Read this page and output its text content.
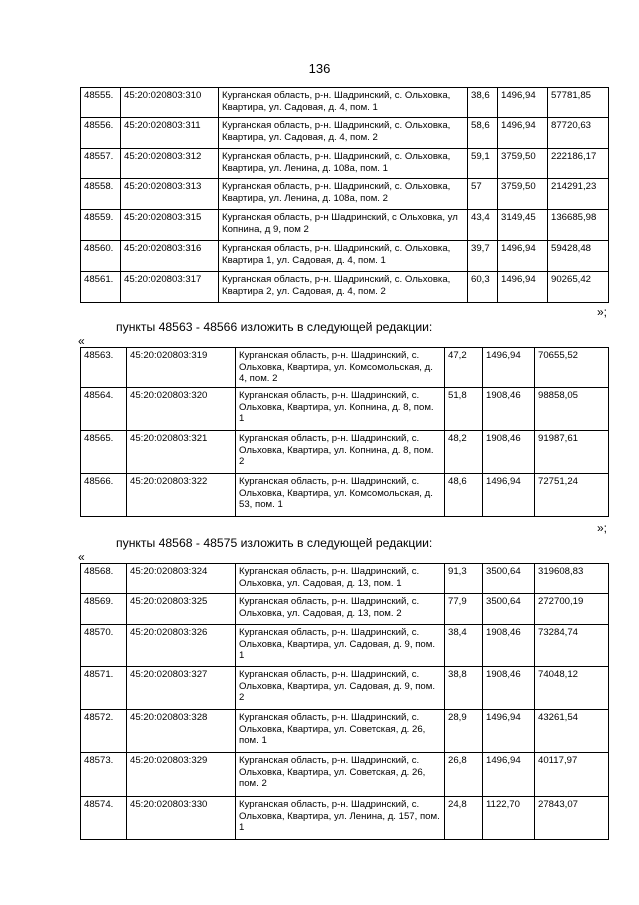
136
48555.	45:20:020803:310	Курганская область, р-н. Шадринский, с. Ольховка, Квартира, ул. Садовая, д. 4, пом. 1	38,6	1496,94	57781,85
48556.	45:20:020803:311	Курганская область, р-н. Шадринский, с. Ольховка, Квартира, ул. Садовая, д. 4, пом. 2	58,6	1496,94	87720,63
48557.	45:20:020803:312	Курганская область, р-н. Шадринский, с. Ольховка, Квартира, ул. Ленина, д. 108а, пом. 1	59,1	3759,50	222186,17
48558.	45:20:020803:313	Курганская область, р-н. Шадринский, с. Ольховка, Квартира, ул. Ленина, д. 108а, пом. 2	57	3759,50	214291,23
48559.	45:20:020803:315	Курганская область, р-н Шадринский, с Ольховка, ул Копнина, д 9, пом 2	43,4	3149,45	136685,98
48560.	45:20:020803:316	Курганская область, р-н. Шадринский, с. Ольховка, Квартира 1, ул. Садовая, д. 4, пом. 1	39,7	1496,94	59428,48
48561.	45:20:020803:317	Курганская область, р-н. Шадринский, с. Ольховка, Квартира 2, ул. Садовая, д. 4, пом. 2	60,3	1496,94	90265,42
»;
пункты 48563 - 48566 изложить в следующей редакции:
«
48563.	45:20:020803:319	Курганская область, р-н. Шадринский, с. Ольховка, Квартира, ул. Комсомольская, д. 4, пом. 2	47,2	1496,94	70655,52
48564.	45:20:020803:320	Курганская область, р-н. Шадринский, с. Ольховка, Квартира, ул. Копнина, д. 8, пом. 1	51,8	1908,46	98858,05
48565.	45:20:020803:321	Курганская область, р-н. Шадринский, с. Ольховка, Квартира, ул. Копнина, д. 8, пом. 2	48,2	1908,46	91987,61
48566.	45:20:020803:322	Курганская область, р-н. Шадринский, с. Ольховка, Квартира, ул. Комсомольская, д. 53, пом. 1	48,6	1496,94	72751,24
»;
пункты 48568 - 48575 изложить в следующей редакции:
«
48568.	45:20:020803:324	Курганская область, р-н. Шадринский, с. Ольховка, ул. Садовая, д. 13, пом. 1	91,3	3500,64	319608,83
48569.	45:20:020803:325	Курганская область, р-н. Шадринский, с. Ольховка, ул. Садовая, д. 13, пом. 2	77,9	3500,64	272700,19
48570.	45:20:020803:326	Курганская область, р-н. Шадринский, с. Ольховка, Квартира, ул. Садовая, д. 9, пом. 1	38,4	1908,46	73284,74
48571.	45:20:020803:327	Курганская область, р-н. Шадринский, с. Ольховка, Квартира, ул. Садовая, д. 9, пом. 2	38,8	1908,46	74048,12
48572.	45:20:020803:328	Курганская область, р-н. Шадринский, с. Ольховка, Квартира, ул. Советская, д. 26, пом. 1	28,9	1496,94	43261,54
48573.	45:20:020803:329	Курганская область, р-н. Шадринский, с. Ольховка, Квартира, ул. Советская, д. 26, пом. 2	26,8	1496,94	40117,97
48574.	45:20:020803:330	Курганская область, р-н. Шадринский, с. Ольховка, Квартира, ул. Ленина, д. 157, пом. 1	24,8	1122,70	27843,07
